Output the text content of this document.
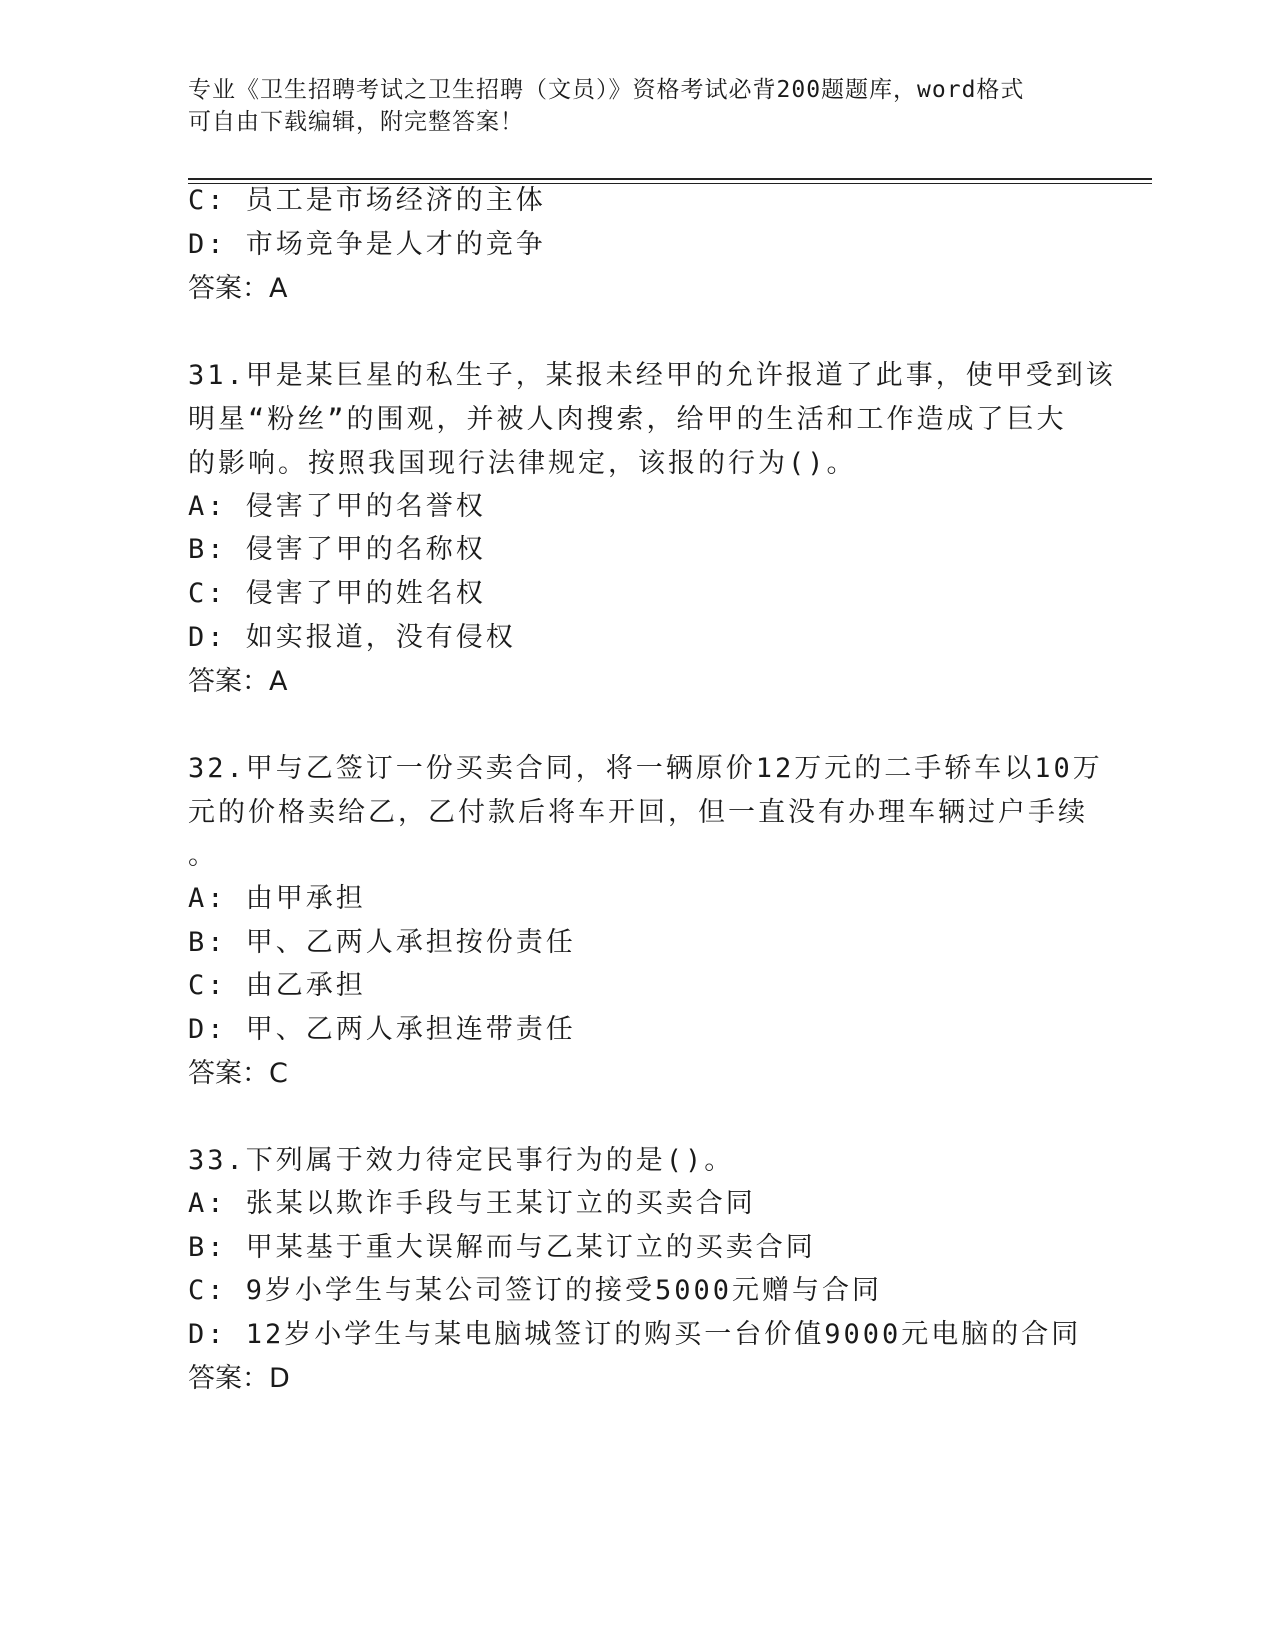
专业《卫生招聘考试之卫生招聘（文员）》资格考试必背200题题库，word格式
可自由下载编辑，附完整答案！
C: 员工是市场经济的主体
D: 市场竞争是人才的竞争
答案：A
31.甲是某巨星的私生子，某报未经甲的允许报道了此事，使甲受到该
明星“粉丝”的围观，并被人肉搜索，给甲的生活和工作造成了巨大
的影响。按照我国现行法律规定，该报的行为()。
A: 侵害了甲的名誉权
B: 侵害了甲的名称权
C: 侵害了甲的姓名权
D: 如实报道，没有侵权
答案：A
32.甲与乙签订一份买卖合同，将一辆原价12万元的二手轿车以10万
元的价格卖给乙，乙付款后将车开回，但一直没有办理车辆过户手续
。
A: 由甲承担
B: 甲、乙两人承担按份责任
C: 由乙承担
D: 甲、乙两人承担连带责任
答案：C
33.下列属于效力待定民事行为的是()。
A: 张某以欺诈手段与王某订立的买卖合同
B: 甲某基于重大误解而与乙某订立的买卖合同
C: 9岁小学生与某公司签订的接受5000元赠与合同
D: 12岁小学生与某电脑城签订的购买一台价值9000元电脑的合同
答案：D
